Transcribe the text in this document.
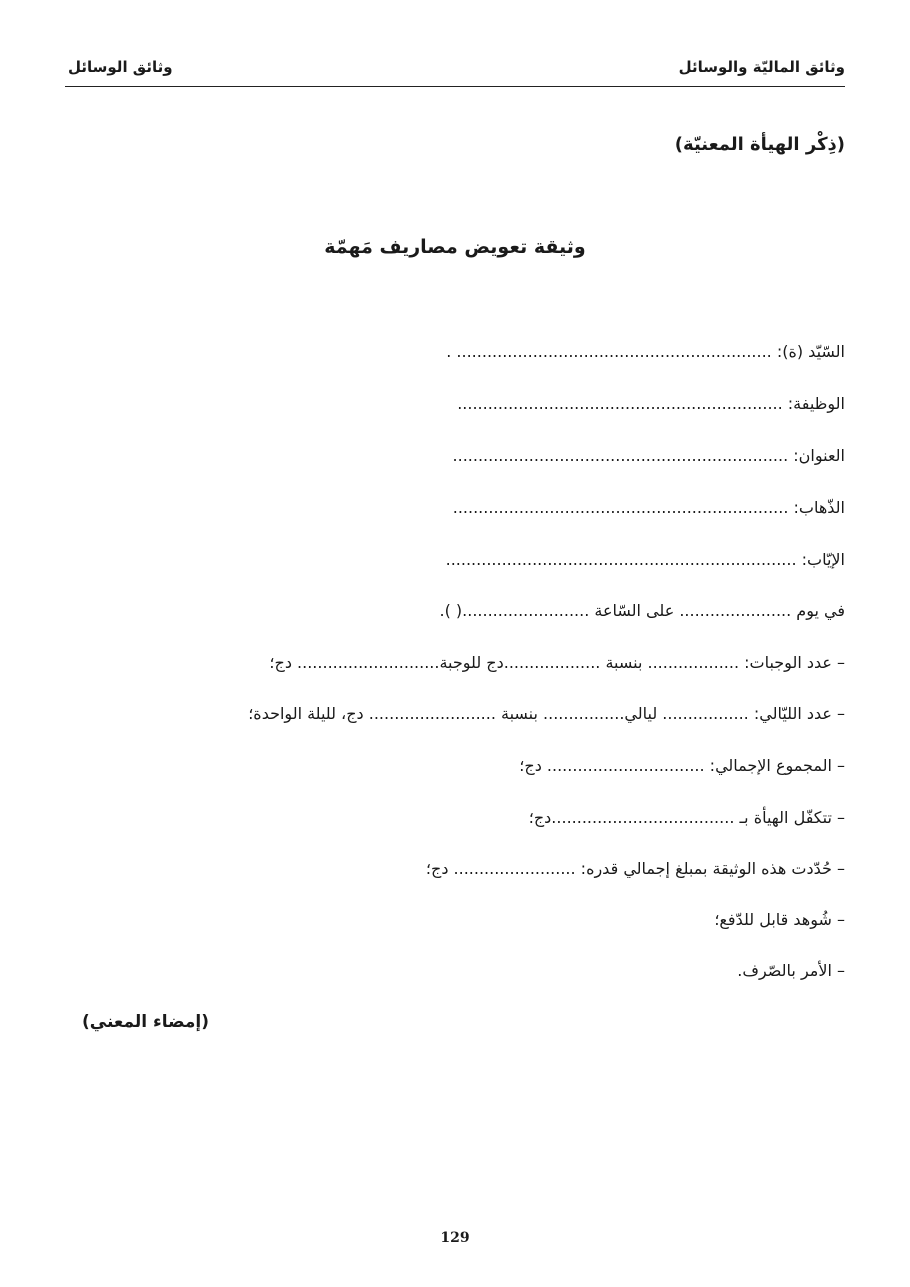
وثائق الماليّة والوسائل
وثائق الوسائل
(ذِكْر الهيأة المعنيّة)
وثيقة تعويض مصاريف مَهمّة
السّيّد (ة): .............................................................. .
الوظيفة: ................................................................
العنوان: ..................................................................
الذّهاب: ..................................................................
الإيّاب: .....................................................................
في يوم ...................... على السّاعة .........................( ).
– عدد الوجبات: .................. بنسبة ...................دج للوجبة............................ دج؛
– عدد الليّالي: ................. ليالي................ بنسبة ......................... دج، لليلة الواحدة؛
– المجموع الإجمالي: ............................... دج؛
– تتكفّل الهيأة بـ ....................................دج؛
– حُدّدت هذه الوثيقة بمبلغ إجمالي قدره: ........................ دج؛
– شُوهد قابل للدّفع؛
– الأمر بالصّرف.
(إمضاء المعني)
129
